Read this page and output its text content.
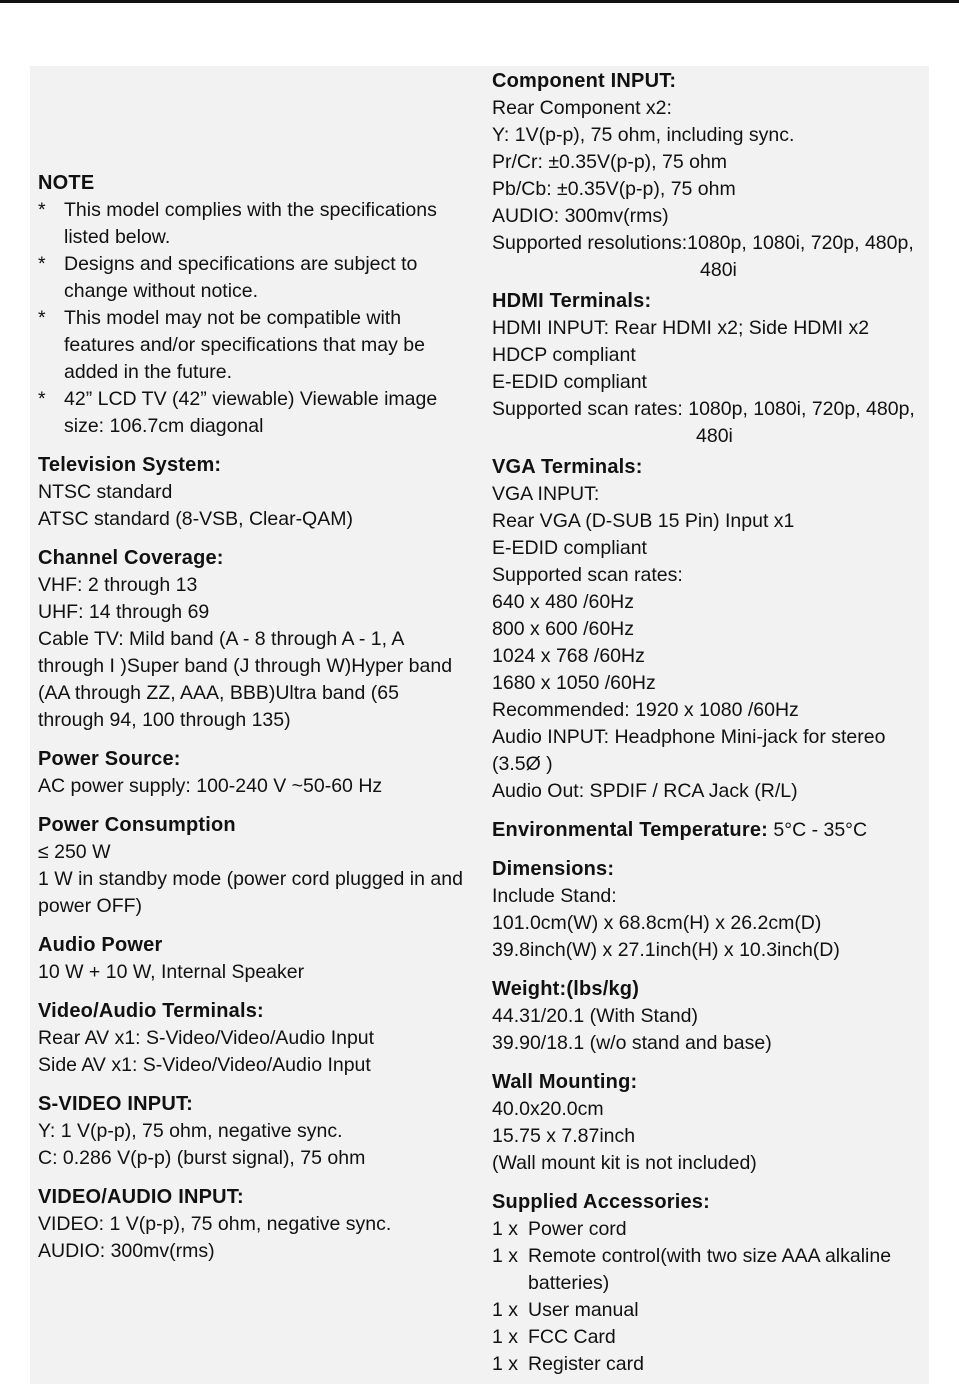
NOTE
* This model complies with the specifications listed below.
* Designs and specifications are subject to change without notice.
* This model may not be compatible with features and/or specifications that may be added in the future.
* 42” LCD TV (42” viewable) Viewable image size: 106.7cm diagonal
Television System:
NTSC standard
ATSC standard (8-VSB, Clear-QAM)
Channel Coverage:
VHF: 2 through 13
UHF: 14 through 69
Cable TV: Mild band (A - 8 through A - 1, A through I )Super band (J through W)Hyper band (AA through ZZ, AAA, BBB)Ultra band (65 through 94, 100 through 135)
Power Source:
AC power supply: 100-240 V ~50-60 Hz
Power Consumption
≤ 250 W
1 W in standby mode (power cord plugged in and power OFF)
Audio Power
10 W + 10 W, Internal Speaker
Video/Audio Terminals:
Rear AV x1: S-Video/Video/Audio Input
Side AV x1: S-Video/Video/Audio Input
S-VIDEO INPUT:
Y: 1 V(p-p), 75 ohm, negative sync.
C: 0.286 V(p-p) (burst signal), 75 ohm
VIDEO/AUDIO INPUT:
VIDEO: 1 V(p-p), 75 ohm, negative sync.
AUDIO: 300mv(rms)
Component INPUT:
Rear Component x2:
Y: 1V(p-p), 75 ohm, including sync.
Pr/Cr: ±0.35V(p-p), 75 ohm
Pb/Cb: ±0.35V(p-p), 75 ohm
AUDIO: 300mv(rms)
Supported resolutions:1080p, 1080i, 720p, 480p,
480i
HDMI Terminals:
HDMI INPUT: Rear HDMI x2; Side HDMI x2
HDCP compliant
E-EDID compliant
Supported scan rates: 1080p, 1080i, 720p, 480p,
480i
VGA Terminals:
VGA INPUT:
Rear VGA (D-SUB 15 Pin) Input x1
E-EDID compliant
Supported scan rates:
640 x 480 /60Hz
800 x 600 /60Hz
1024 x 768 /60Hz
1680 x 1050 /60Hz
Recommended: 1920 x 1080 /60Hz
Audio INPUT: Headphone Mini-jack for stereo
(3.5Ø )
Audio Out: SPDIF / RCA Jack (R/L)
Environmental Temperature: 5°C - 35°C
Dimensions:
Include Stand:
101.0cm(W) x 68.8cm(H) x 26.2cm(D)
39.8inch(W) x 27.1inch(H) x 10.3inch(D)
Weight:(lbs/kg)
44.31/20.1 (With Stand)
39.90/18.1 (w/o stand and base)
Wall Mounting:
40.0x20.0cm
15.75 x 7.87inch
(Wall mount kit is not included)
Supplied Accessories:
1 x Power cord
1 x Remote control(with two size AAA alkaline batteries)
1 x User manual
1 x FCC Card
1 x Register card
